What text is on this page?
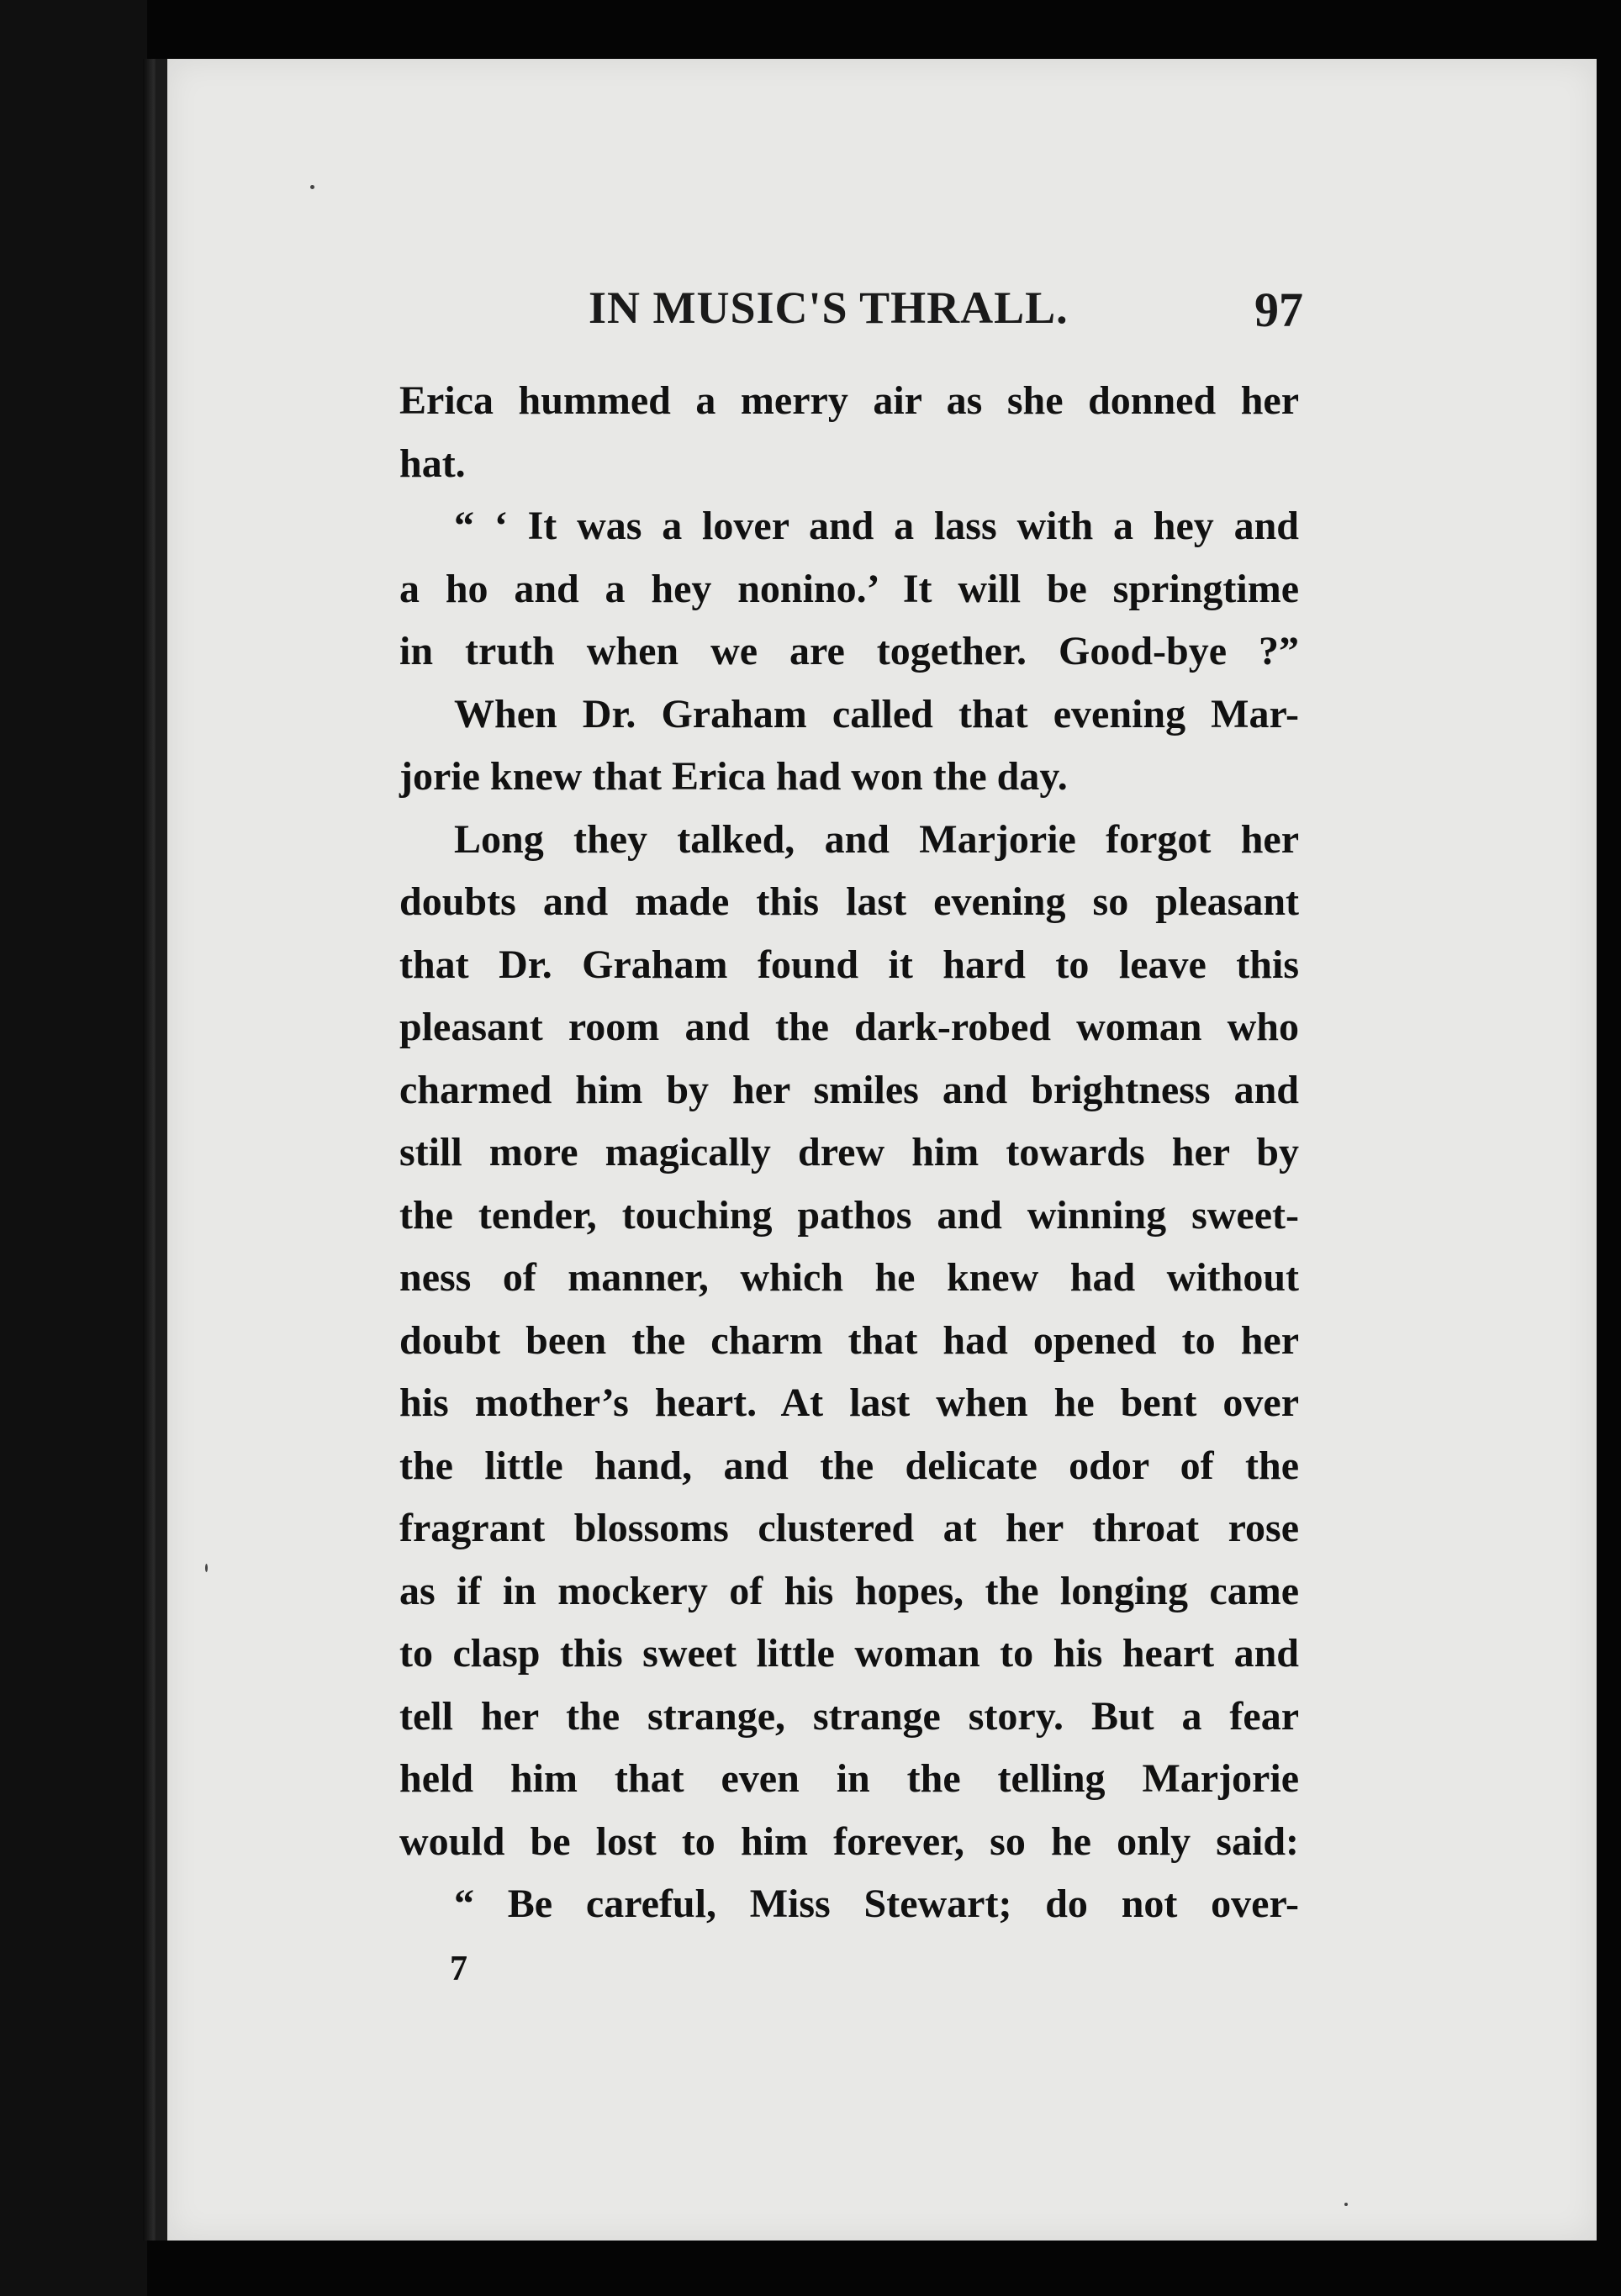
IN MUSIC'S THRALL.	97

Erica hummed a merry air as she donned her

hat.

“ ‘ It was a lover and a lass with a hey and

a ho and a hey nonino.’ It will be springtime

in truth when we are together. Good-bye ?”

When Dr. Graham called that evening Mar-

jorie knew that Erica had won the day.

Long they talked, and Marjorie forgot her

doubts and made this last evening so pleasant

that Dr. Graham found it hard to leave this

pleasant room and the dark-robed woman who

charmed him by her smiles and brightness and

still more magically drew him towards her by

the tender, touching pathos and winning sweet-

ness of manner, which he knew had without

doubt been the charm that had opened to her

his mother’s heart. At last when he bent over

the little hand, and the delicate odor of the

fragrant blossoms clustered at her throat rose

as if in mockery of his hopes, the longing came

to clasp this sweet little woman to his heart and

tell her the strange, strange story. But a fear

held him that even in the telling Marjorie

would be lost to him forever, so he only said:

“ Be careful, Miss Stewart; do not over-

7
